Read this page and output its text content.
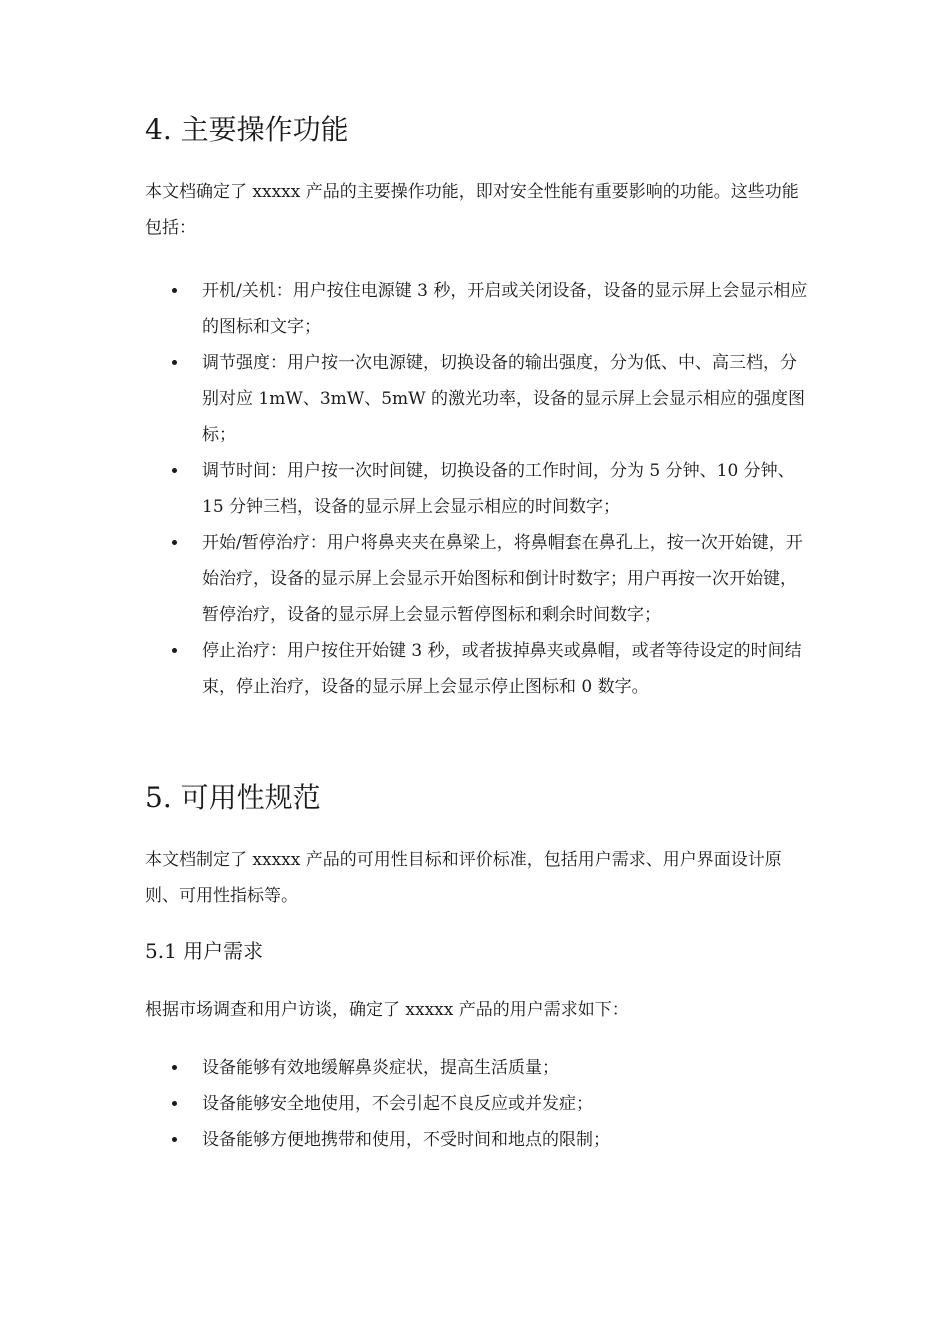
4. 主要操作功能

本文档确定了 xxxxx 产品的主要操作功能，即对安全性能有重要影响的功能。这些功能包括：

开机/关机：用户按住电源键 3 秒，开启或关闭设备，设备的显示屏上会显示相应的图标和文字；
调节强度：用户按一次电源键，切换设备的输出强度，分为低、中、高三档，分别对应 1mW、3mW、5mW 的激光功率，设备的显示屏上会显示相应的强度图标；
调节时间：用户按一次时间键，切换设备的工作时间，分为 5 分钟、10 分钟、15 分钟三档，设备的显示屏上会显示相应的时间数字；
开始/暂停治疗：用户将鼻夹夹在鼻梁上，将鼻帽套在鼻孔上，按一次开始键，开始治疗，设备的显示屏上会显示开始图标和倒计时数字；用户再按一次开始键，暂停治疗，设备的显示屏上会显示暂停图标和剩余时间数字；
停止治疗：用户按住开始键 3 秒，或者拔掉鼻夹或鼻帽，或者等待设定的时间结束，停止治疗，设备的显示屏上会显示停止图标和 0 数字。
5. 可用性规范

本文档制定了 xxxxx 产品的可用性目标和评价标准，包括用户需求、用户界面设计原则、可用性指标等。

5.1 用户需求

根据市场调查和用户访谈，确定了 xxxxx 产品的用户需求如下：

设备能够有效地缓解鼻炎症状，提高生活质量；
设备能够安全地使用，不会引起不良反应或并发症；
设备能够方便地携带和使用，不受时间和地点的限制；
